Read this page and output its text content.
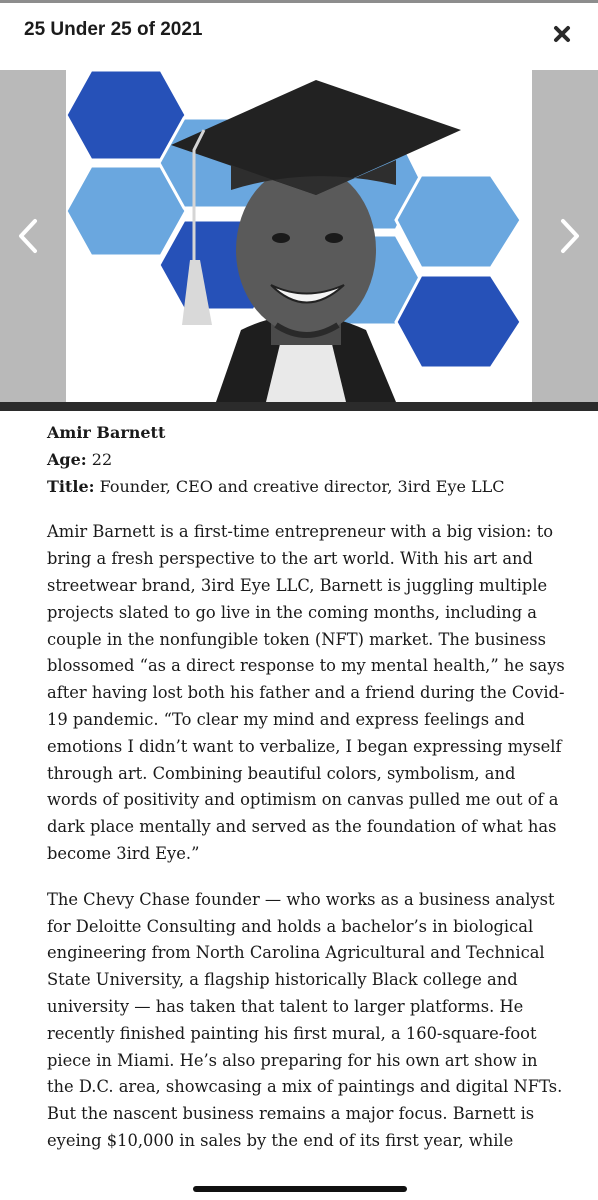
25 Under 25 of 2021
Amir Barnett
Age: 22
Title: Founder, CEO and creative director, 3ird Eye LLC

Amir Barnett is a first-time entrepreneur with a big vision: to bring a fresh perspective to the art world. With his art and streetwear brand, 3ird Eye LLC, Barnett is juggling multiple projects slated to go live in the coming months, including a couple in the nonfungible token (NFT) market. The business blossomed “as a direct response to my mental health,” he says after having lost both his father and a friend during the Covid-19 pandemic. “To clear my mind and express feelings and emotions I didn’t want to verbalize, I began expressing myself through art. Combining beautiful colors, symbolism, and words of positivity and optimism on canvas pulled me out of a dark place mentally and served as the foundation of what has become 3ird Eye.”

The Chevy Chase founder — who works as a business analyst for Deloitte Consulting and holds a bachelor’s in biological engineering from North Carolina Agricultural and Technical State University, a flagship historically Black college and university — has taken that talent to larger platforms. He recently finished painting his first mural, a 160-square-foot piece in Miami. He’s also preparing for his own art show in the D.C. area, showcasing a mix of paintings and digital NFTs. But the nascent business remains a major focus. Barnett is eyeing $10,000 in sales by the end of its first year, while
